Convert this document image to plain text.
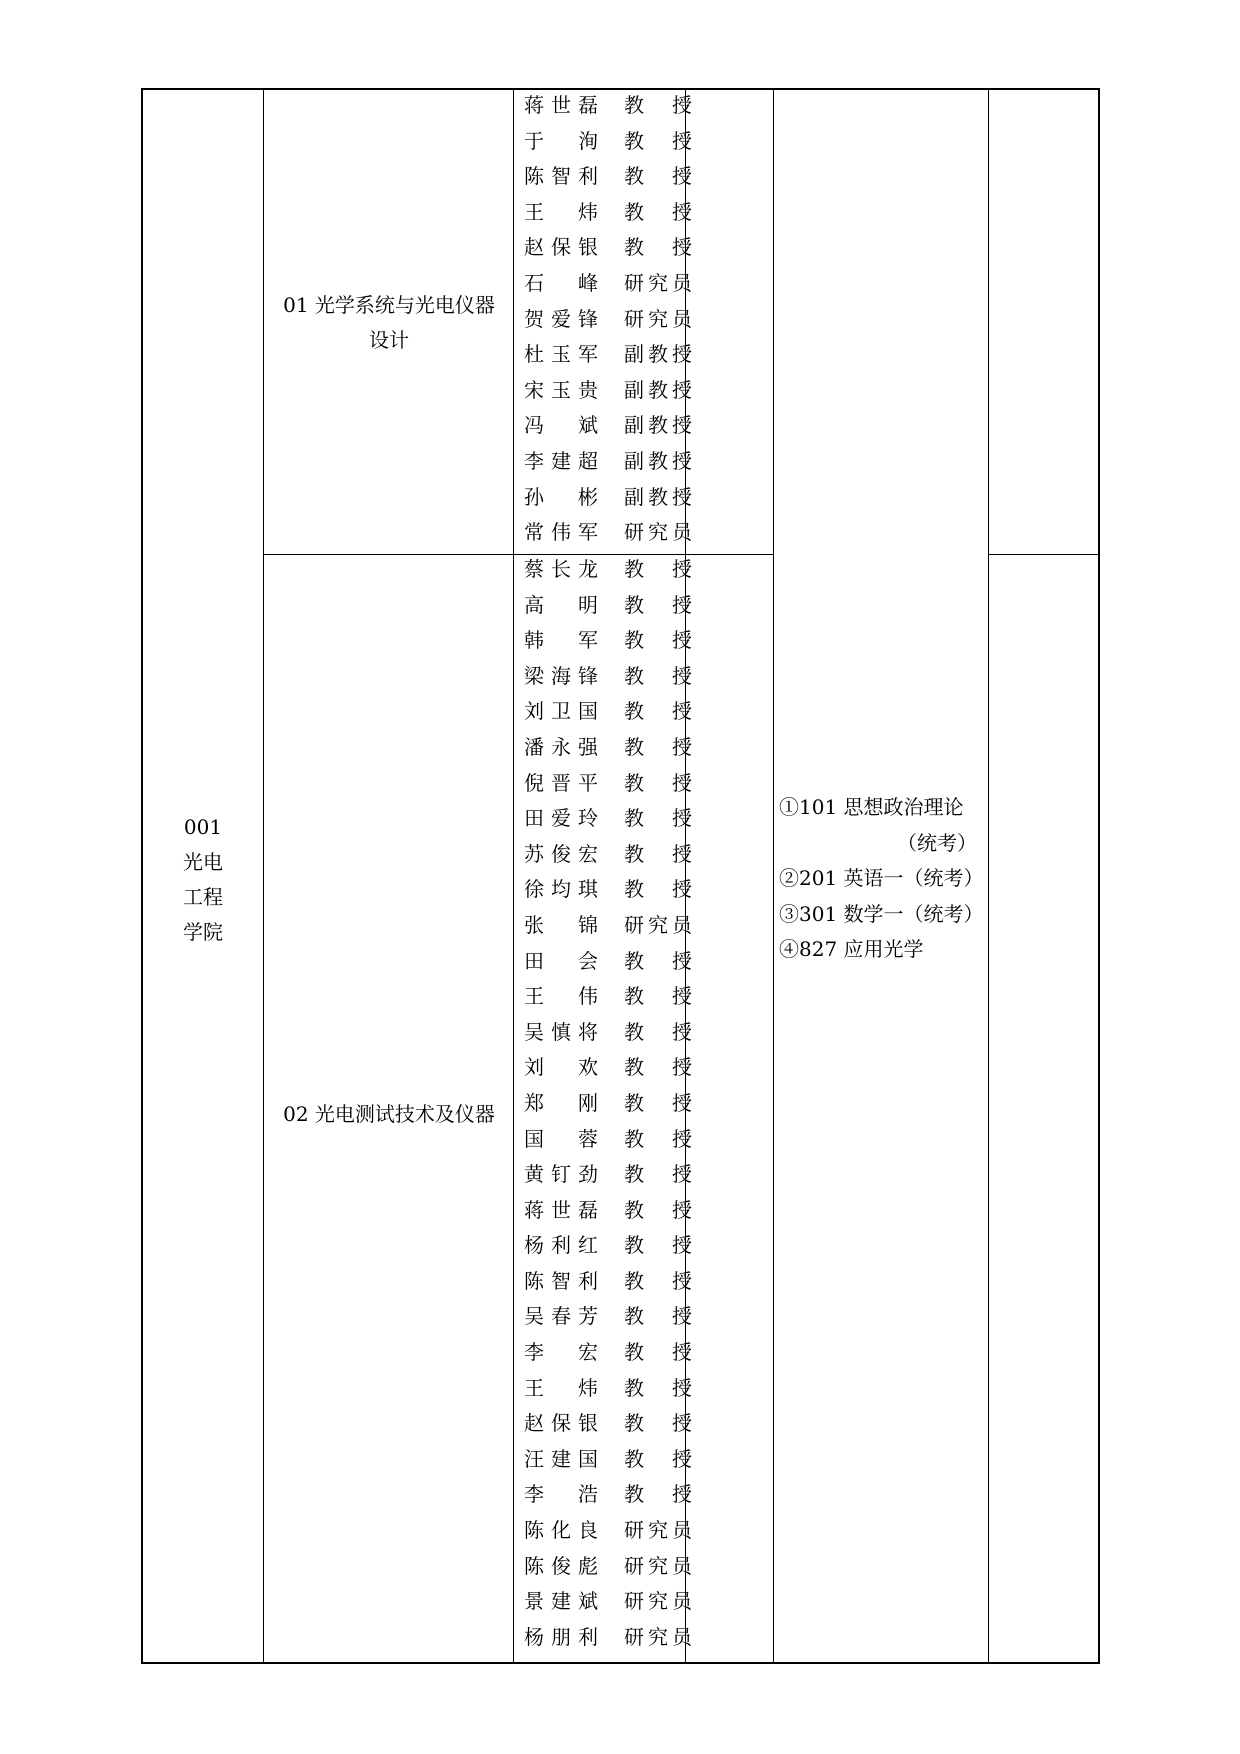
001
光电
工程
学院
01 光学系统与光电仪器
设计
02 光电测试技术及仪器
蒋 世 磊 教 授
于 洵 教 授
陈 智 利 教 授
王 炜 教 授
赵 保 银 教 授
石 峰 研 究 员
贺 爱 锋 研 究 员
杜 玉 军 副 教 授
宋 玉 贵 副 教 授
冯 斌 副 教 授
李 建 超 副 教 授
孙 彬 副 教 授
常 伟 军 研 究 员
蔡 长 龙 教 授
高 明 教 授
韩 军 教 授
梁 海 锋 教 授
刘 卫 国 教 授
潘 永 强 教 授
倪 晋 平 教 授
田 爱 玲 教 授
苏 俊 宏 教 授
徐 均 琪 教 授
张 锦 研 究 员
田 会 教 授
王 伟 教 授
吴 慎 将 教 授
刘 欢 教 授
郑 刚 教 授
国 蓉 教 授
黄 钉 劲 教 授
蒋 世 磊 教 授
杨 利 红 教 授
陈 智 利 教 授
吴 春 芳 教 授
李 宏 教 授
王 炜 教 授
赵 保 银 教 授
汪 建 国 教 授
李 浩 教 授
陈 化 良 研 究 员
陈 俊 彪 研 究 员
景 建 斌 研 究 员
杨 朋 利 研 究 员
①101 思想政治理论
（统考）
②201 英语一（统考）
③301 数学一（统考）
④827 应用光学
